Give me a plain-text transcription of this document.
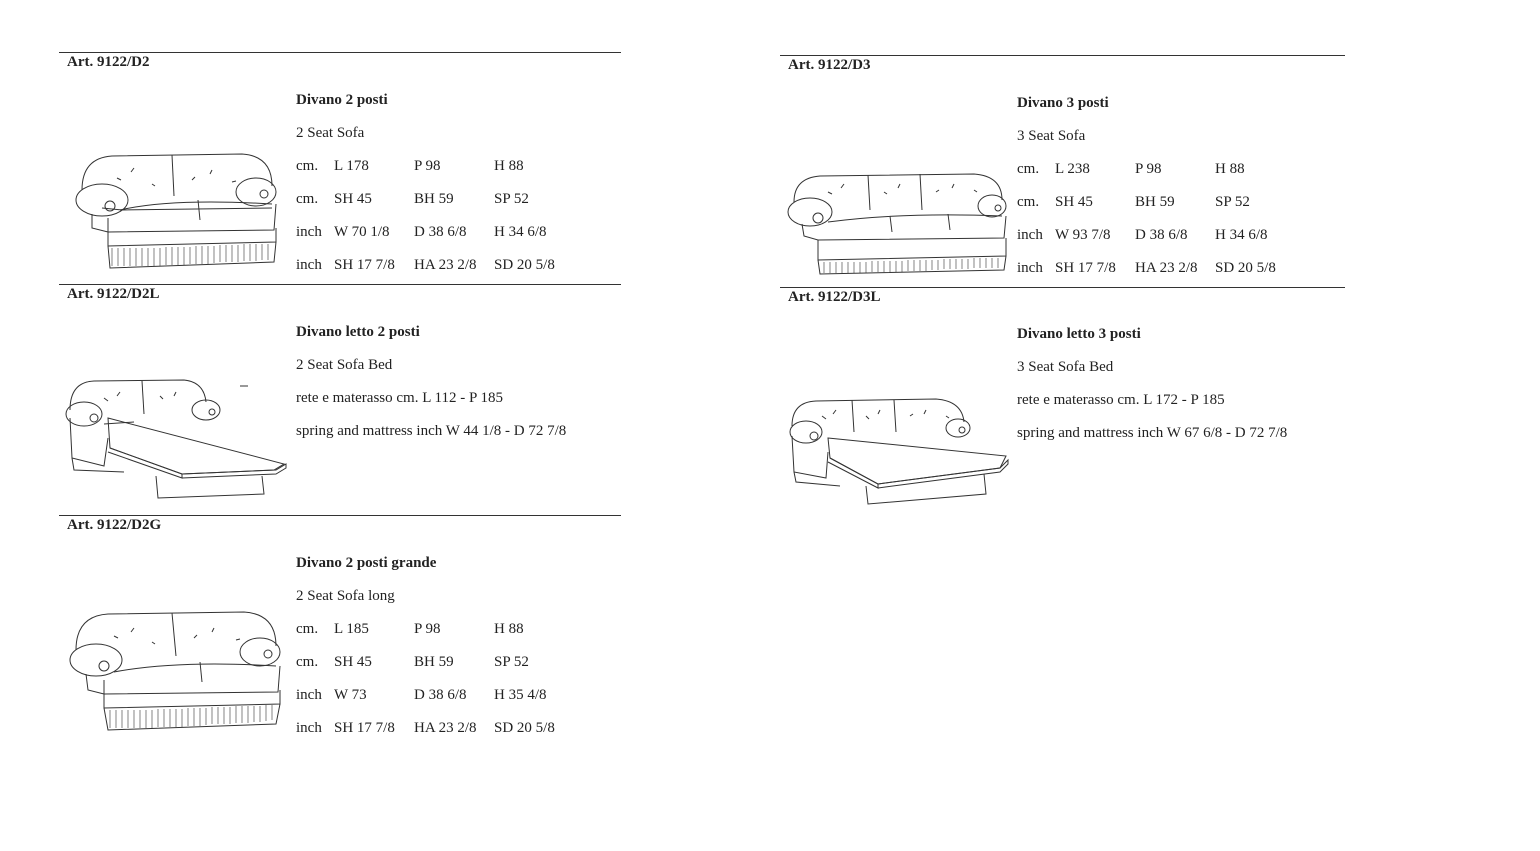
Art. 9122/D2
Divano 2 posti
2 Seat Sofa
cm. L 178	P 98	H 88
cm. SH 45	BH 59	SP 52
inch W 70 1/8 D 38 6/8 H 34 6/8
inch SH 17 7/8 HA 23 2/8 SD 20 5/8
Art. 9122/D2L
Divano letto 2 posti
2 Seat Sofa Bed
rete e materasso cm. L 112 - P 185
spring and mattress inch W 44 1/8 - D 72 7/8
Art. 9122/D2G
Divano 2 posti grande
2 Seat Sofa long
cm. L 185	P 98	H 88
cm. SH 45	BH 59	SP 52
inch W 73	D 38 6/8 H 35 4/8
inch SH 17 7/8 HA 23 2/8 SD 20 5/8
Art. 9122/D3
Divano 3 posti
3 Seat Sofa
cm. L 238	P 98	H 88
cm. SH 45	BH 59	SP 52
inch W 93 7/8 D 38 6/8 H 34 6/8
inch SH 17 7/8 HA 23 2/8 SD 20 5/8
Art. 9122/D3L
Divano letto 3 posti
3 Seat Sofa Bed
rete e materasso cm. L 172 - P 185
spring and mattress inch W 67 6/8 - D 72 7/8
